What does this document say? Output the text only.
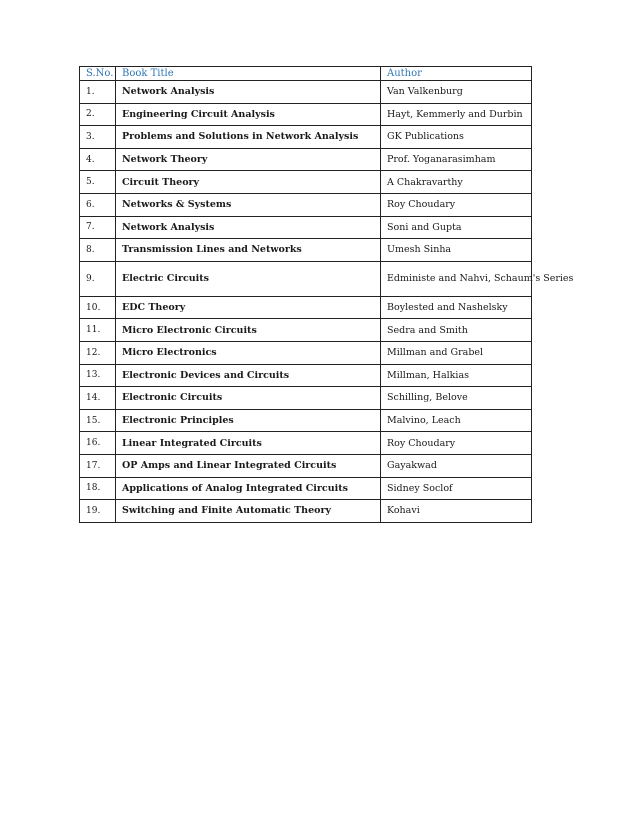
S.No.	Book Title	Author
1.	Network Analysis	Van Valkenburg
2.	Engineering Circuit Analysis	Hayt, Kemmerly and Durbin
3.	Problems and Solutions in Network Analysis	GK Publications
4.	Network Theory	Prof. Yoganarasimham
5.	Circuit Theory	A Chakravarthy
6.	Networks & Systems	Roy Choudary
7.	Network Analysis	Soni and Gupta
8.	Transmission Lines and Networks	Umesh Sinha
9.	Electric Circuits	Edministe and Nahvi, Schaum's Series
10.	EDC Theory	Boylested and Nashelsky
11.	Micro Electronic Circuits	Sedra and Smith
12.	Micro Electronics	Millman and Grabel
13.	Electronic Devices and Circuits	Millman, Halkias
14.	Electronic Circuits	Schilling, Belove
15.	Electronic Principles	Malvino, Leach
16.	Linear Integrated Circuits	Roy Choudary
17.	OP Amps and Linear Integrated Circuits	Gayakwad
18.	Applications of Analog Integrated Circuits	Sidney Soclof
19.	Switching and Finite Automatic Theory	Kohavi
